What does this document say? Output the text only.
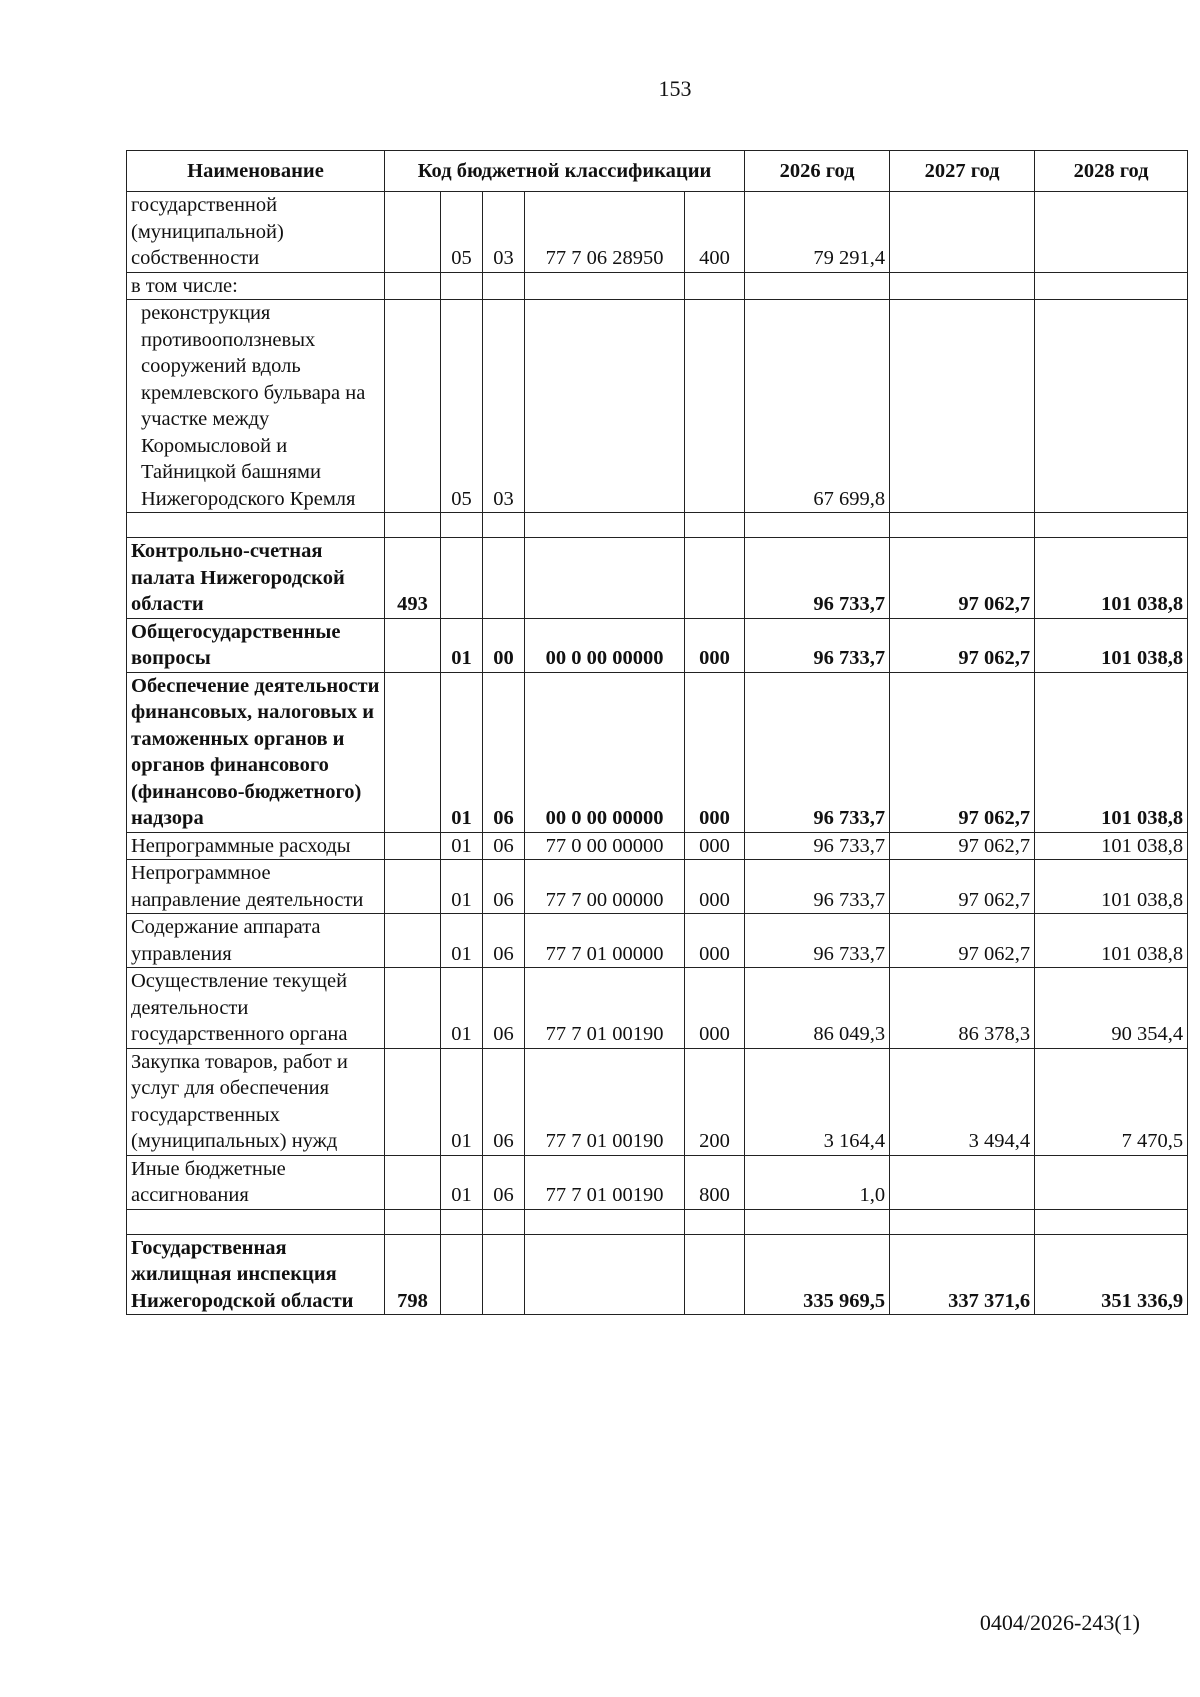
153
Наименование	Код бюджетной классификации					2026 год	2027 год	2028 год
государственной (муниципальной) собственности		05	03	77 7 06 28950	400	79 291,4		
в том числе:								
реконструкция противооползневых сооружений вдоль кремлевского бульвара на участке между Коромысловой и Тайницкой башнями Нижегородского Кремля		05	03			67 699,8		

Контрольно-счетная палата Нижегородской области	493					96 733,7	97 062,7	101 038,8
Общегосударственные вопросы		01	00	00 0 00 00000	000	96 733,7	97 062,7	101 038,8
Обеспечение деятельности финансовых, налоговых и таможенных органов и органов финансового (финансово-бюджетного) надзора		01	06	00 0 00 00000	000	96 733,7	97 062,7	101 038,8
Непрограммные расходы		01	06	77 0 00 00000	000	96 733,7	97 062,7	101 038,8
Непрограммное направление деятельности		01	06	77 7 00 00000	000	96 733,7	97 062,7	101 038,8
Содержание аппарата управления		01	06	77 7 01 00000	000	96 733,7	97 062,7	101 038,8
Осуществление текущей деятельности государственного органа		01	06	77 7 01 00190	000	86 049,3	86 378,3	90 354,4
Закупка товаров, работ и услуг для обеспечения государственных (муниципальных) нужд		01	06	77 7 01 00190	200	3 164,4	3 494,4	7 470,5
Иные бюджетные ассигнования		01	06	77 7 01 00190	800	1,0		

Государственная жилищная инспекция Нижегородской области	798					335 969,5	337 371,6	351 336,9
0404/2026-243(1)
